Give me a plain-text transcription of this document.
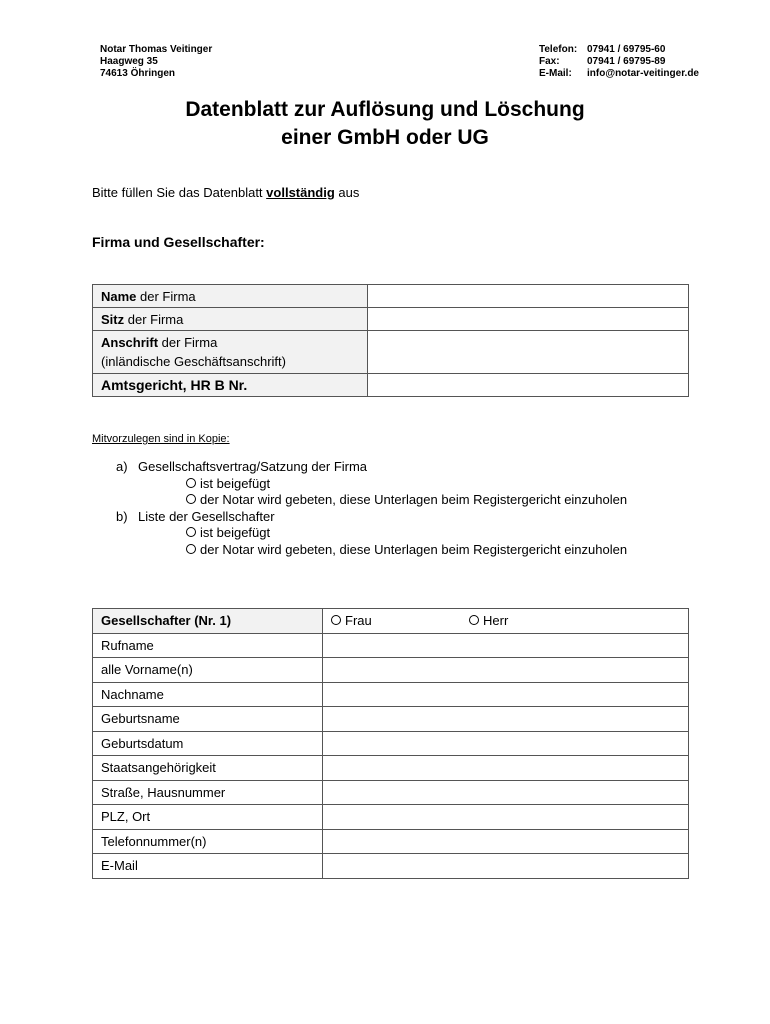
Notar Thomas Veitinger
Haagweg 35
74613 Öhringen
Telefon: 07941 / 69795-60
Fax:	07941 / 69795-89
E-Mail:	info@notar-veitinger.de
Datenblatt zur Auflösung und Löschung
einer GmbH oder UG
Bitte füllen Sie das Datenblatt vollständig aus
Firma und Gesellschafter:
Name der Firma	
Sitz der Firma	
Anschrift der Firma
(inländische Geschäftsanschrift)	
Amtsgericht, HR B Nr.	
Mitvorzulegen sind in Kopie:
a) Gesellschaftsvertrag/Satzung der Firma
ist beigefügt
der Notar wird gebeten, diese Unterlagen beim Registergericht einzuholen
b) Liste der Gesellschafter
ist beigefügt
der Notar wird gebeten, diese Unterlagen beim Registergericht einzuholen
Gesellschafter (Nr. 1)	Frau Herr

Rufname	
alle Vorname(n)	
Nachname	
Geburtsname	
Geburtsdatum	
Staatsangehörigkeit	
Straße, Hausnummer	
PLZ, Ort	
Telefonnummer(n)	
E-Mail	
